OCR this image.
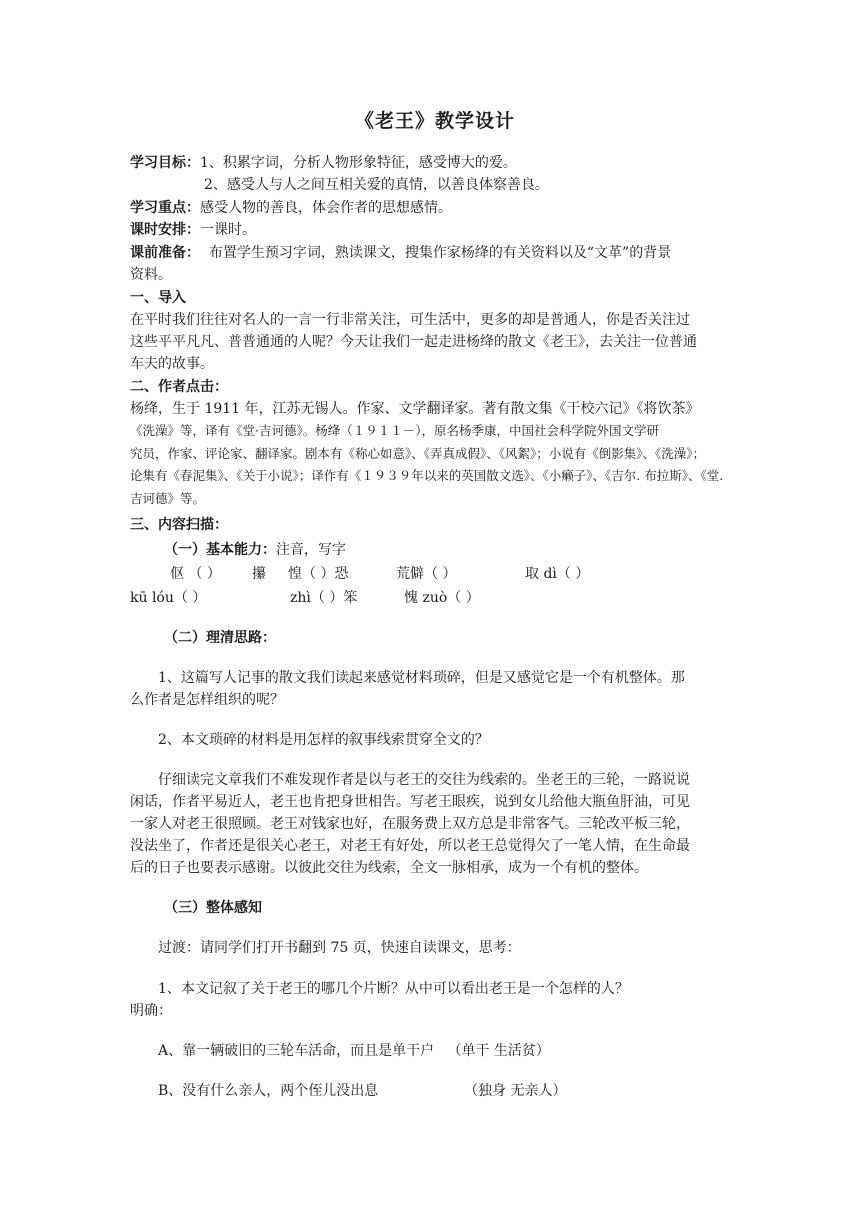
《老王》教学设计
学习目标：1、积累字词，分析人物形象特征，感受博大的爱。
2、感受人与人之间互相关爱的真情，以善良体察善良。
学习重点：感受人物的善良，体会作者的思想感情。
课时安排：一课时。
课前准备： 布置学生预习字词，熟读课文，搜集作家杨绛的有关资料以及“文革”的背景
资料。
一、导入
在平时我们往往对名人的一言一行非常关注，可生活中，更多的却是普通人，你是否关注过
这些平平凡凡、普普通通的人呢？今天让我们一起走进杨绛的散文《老王》，去关注一位普通
车夫的故事。
二、作者点击：
杨绛，生于 1911 年，江苏无锡人。作家、文学翻译家。著有散文集《干校六记》《将饮茶》
《洗澡》等，译有《堂·吉诃德》。杨绛（１９１１－），原名杨季康，中国社会科学院外国文学研
究员，作家、评论家、翻译家。剧本有《称心如意》、《弄真成假》、《风絮》；小说有《倒影集》、《洗澡》；
论集有《春泥集》、《关于小说》；译作有《１９３９年以来的英国散文选》、《小癞子》、《吉尔. 布拉斯》、《堂.
吉诃德》等。
三、内容扫描：
（一）基本能力：注音，写字
伛 （ ） 攥 惶（ ）恐	荒僻（ ）	取 dì（ ）
kū lóu（ ）	zhì（ ）笨	愧 zuò（ ）
（二）理清思路：
1、这篇写人记事的散文我们读起来感觉材料琐碎，但是又感觉它是一个有机整体。那
么作者是怎样组织的呢？
2、本文琐碎的材料是用怎样的叙事线索贯穿全文的？
仔细读完文章我们不难发现作者是以与老王的交往为线索的。坐老王的三轮，一路说说
闲话，作者平易近人，老王也肯把身世相告。写老王眼疾，说到女儿给他大瓶鱼肝油，可见
一家人对老王很照顾。老王对钱家也好，在服务费上双方总是非常客气。三轮改平板三轮，
没法坐了，作者还是很关心老王，对老王有好处，所以老王总觉得欠了一笔人情，在生命最
后的日子也要表示感谢。以彼此交往为线索，全文一脉相承，成为一个有机的整体。
（三）整体感知
过渡：请同学们打开书翻到 75 页，快速自读课文，思考：
1、本文记叙了关于老王的哪几个片断？从中可以看出老王是一个怎样的人？
明确：
A、靠一辆破旧的三轮车活命，而且是单干户 （单干 生活贫）
B、没有什么亲人，两个侄儿没出息	（独身 无亲人）
